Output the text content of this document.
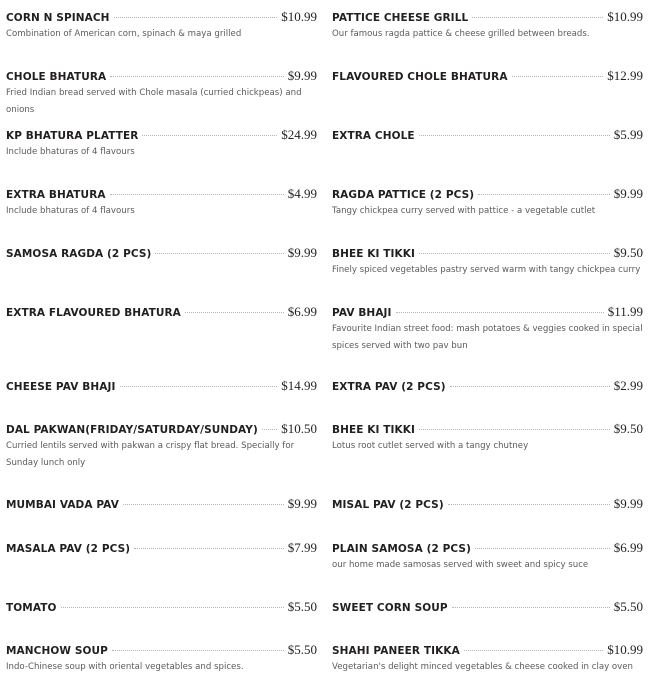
CORN N SPINACH	$10.99
Combination of American corn, spinach & maya grilled
CHOLE BHATURA	$9.99
Fried Indian bread served with Chole masala (curried chickpeas) and onions
KP BHATURA PLATTER	$24.99
Include bhaturas of 4 flavours
EXTRA BHATURA	$4.99
Include bhaturas of 4 flavours
SAMOSA RAGDA (2 PCS)	$9.99
EXTRA FLAVOURED BHATURA	$6.99
CHEESE PAV BHAJI	$14.99
DAL PAKWAN(FRIDAY/SATURDAY/SUNDAY) $10.50
Curried lentils served with pakwan a crispy flat bread. Specially for Sunday lunch only
MUMBAI VADA PAV	$9.99
MASALA PAV (2 PCS)	$7.99
TOMATO	$5.50
MANCHOW SOUP	$5.50
Indo-Chinese soup with oriental vegetables and spices.
PATTICE CHEESE GRILL	$10.99
Our famous ragda pattice & cheese grilled between breads.
FLAVOURED CHOLE BHATURA	$12.99
EXTRA CHOLE	$5.99
RAGDA PATTICE (2 PCS)	$9.99
Tangy chickpea curry served with pattice - a vegetable cutlet
BHEE KI TIKKI	$9.50
Finely spiced vegetables pastry served warm with tangy chickpea curry
PAV BHAJI	$11.99
Favourite Indian street food: mash potatoes & veggies cooked in special spices served with two pav bun
EXTRA PAV (2 PCS)	$2.99
BHEE KI TIKKI	$9.50
Lotus root cutlet served with a tangy chutney
MISAL PAV (2 PCS)	$9.99
PLAIN SAMOSA (2 PCS)	$6.99
our home made samosas served with sweet and spicy suce
SWEET CORN SOUP	$5.50
SHAHI PANEER TIKKA	$10.99
Vegetarian's delight minced vegetables & cheese cooked in clay oven
